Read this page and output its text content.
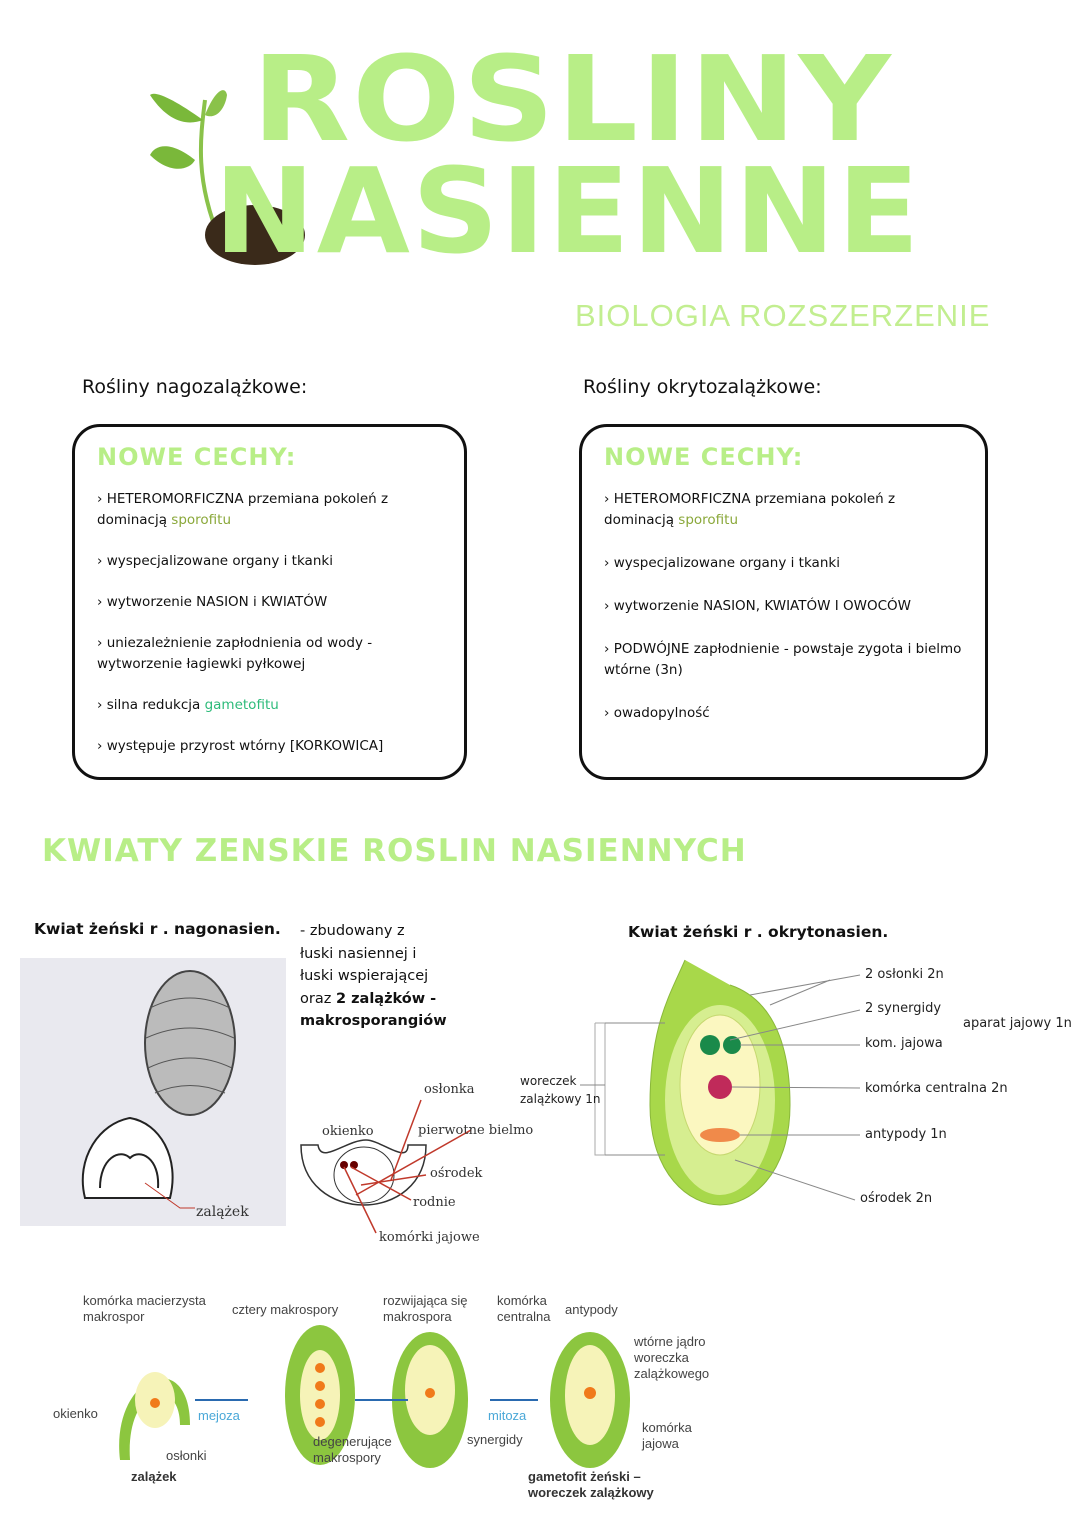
ROSLINY
NASIENNE
BIOLOGIA ROZSZERZENIE
Rośliny nagozalążkowe:	Rośliny okrytozalążkowe:
NOWE CECHY:
› HETEROMORFICZNA przemiana pokoleń z dominacją sporofitu
› wyspecjalizowane organy i tkanki
› wytworzenie NASION i KWIATÓW
› uniezależnienie zapłodnienia od wody - wytworzenie łagiewki pyłkowej
› silna redukcja gametofitu
› występuje przyrost wtórny [KORKOWICA]
NOWE CECHY:
› HETEROMORFICZNA przemiana pokoleń z dominacją sporofitu
› wyspecjalizowane organy i tkanki
› wytworzenie NASION, KWIATÓW I OWOCÓW
› PODWÓJNE zapłodnienie - powstaje zygota i bielmo wtórne (3n)
› owadopylność
KWIATY ZENSKIE ROSLIN NASIENNYCH
Kwiat żeński r . nagonasien. - zbudowany z
łuski nasiennej i
łuski wspierającej
oraz 2 zalążków -
makrosporangiów
zalążek
osłonka
okienko	pierwotne bielmo
ośrodek
rodnie
komórki jajowe
Kwiat żeński r . okrytonasien.
2 osłonki 2n
2 synergidy
kom. jajowa
aparat jajowy 1n
komórka centralna 2n
antypody 1n
ośrodek 2n
woreczek
zalążkowy 1n
komórka macierzysta
makrospor	cztery makrospory
rozwijająca się
makrospora
komórka
centralna antypody
wtórne jądro
woreczka
zalążkowego
okienko	mejoza
osłonki
zalążek
degenerujące
makrospory
mitoza
synergidy
komórka
jajowa
gametofit żeński –
woreczek zalążkowy
